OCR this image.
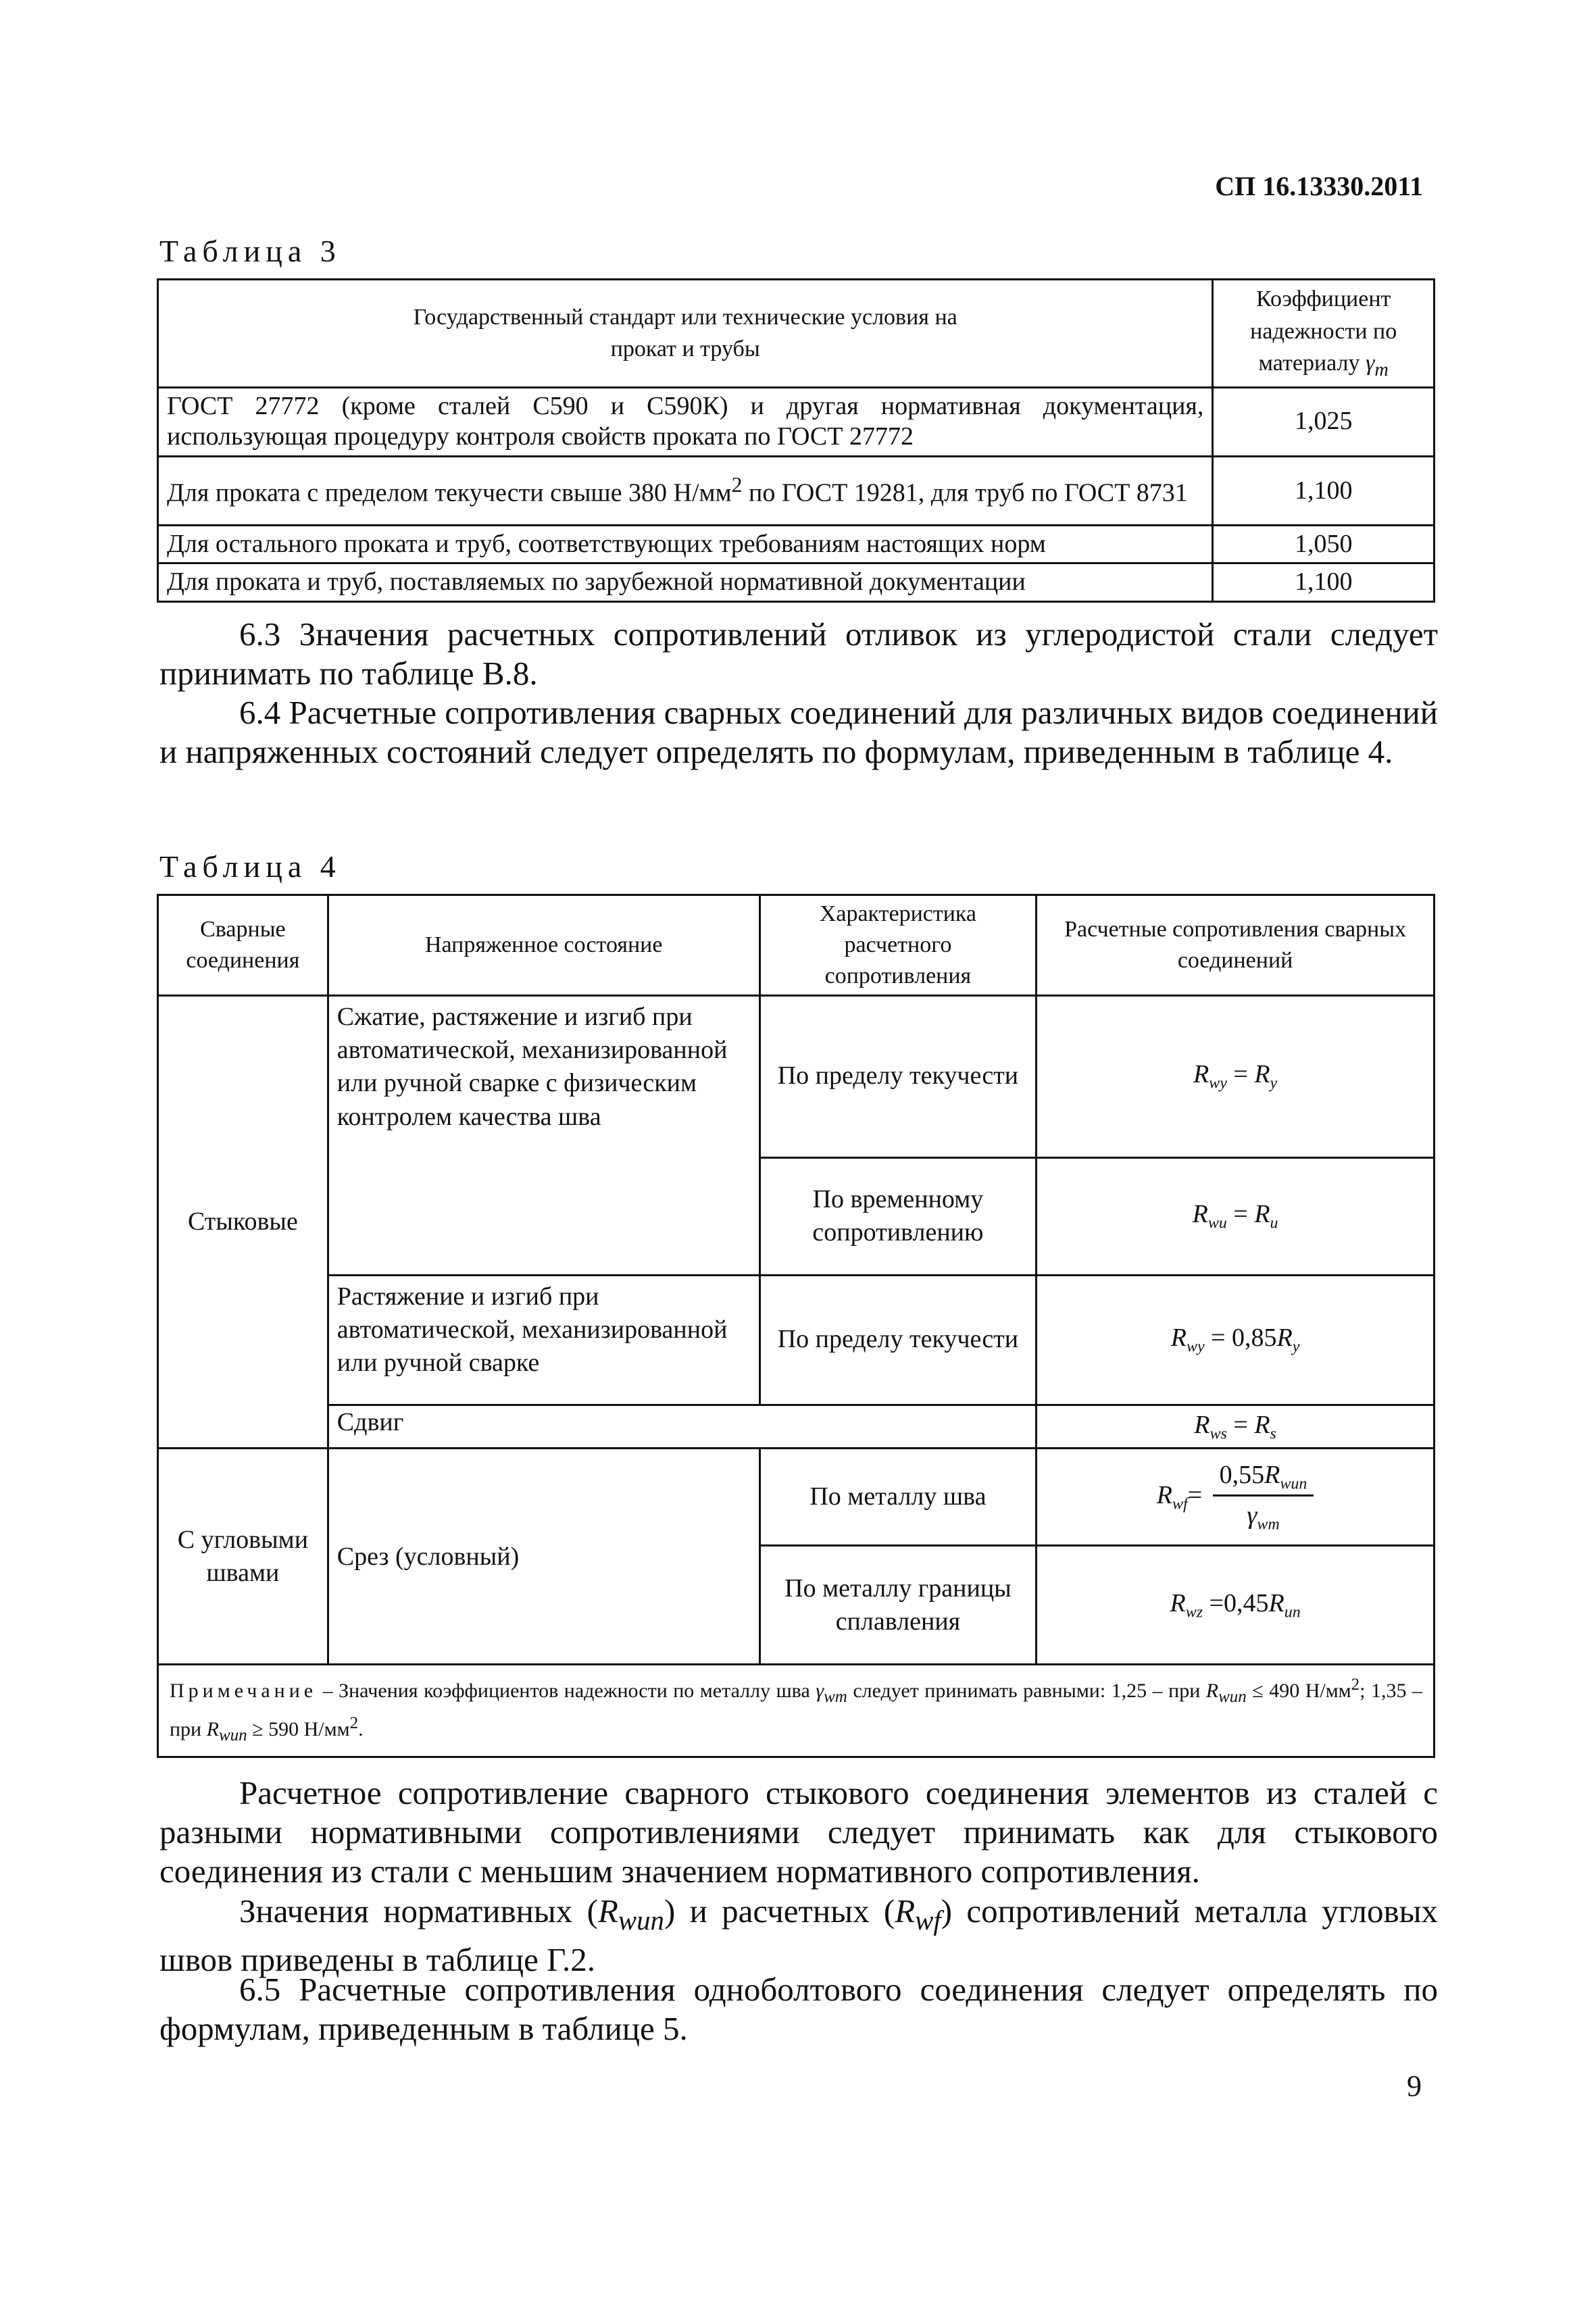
СП 16.13330.2011
Таблица 3
Государственный стандарт или технические условия на прокат и трубы	Коэффициент
надежности по
материалу $\gamma_m$

ГОСТ 27772 (кроме сталей С590 и С590К) и другая нормативная документация, использующая процедуру контроля свойств проката по ГОСТ 27772	1,025
Для проката с пределом текучести свыше 380 $Н/мм^2$ по ГОСТ 19281, для труб по ГОСТ 8731	1,100
Для остального проката и труб, соответствующих требованиям настоящих норм	1,050
Для проката и труб, поставляемых по зарубежной нормативной документации	1,100
6.3 Значения расчетных сопротивлений отливок из углеродистой стали следует принимать по таблице В.8.
6.4 Расчетные сопротивления сварных соединений для различных видов соединений и напряженных состояний следует определять по формулам, приведенным в таблице 4.
Таблица 4
Сварные соединения	Напряженное состояние	Характеристика расчетного сопротивления	Расчетные сопротивления сварных соединений
Стыковые	Сжатие, растяжение и изгиб при автоматической, механизированной или ручной сварке с физическим контролем качества шва	По пределу текучести	$R_{wy} = R_y$
		По временному сопротивлению	$R_{wu} = R_u$
	Растяжение и изгиб при автоматической, механизированной или ручной сварке	По пределу текучести	$R_{wy} = 0,85R_y$
	Сдвиг		$R_{ws} = R_s$
С угловыми швами	Срез (условный)	По металлу шва	$R_{wf}= \frac{0,55R_{wun}}{\gamma_{wm}}$

		По металлу границы сплавления	$R_{wz} =0,45R_{un}$
Примечание – Значения коэффициентов надежности по металлу шва $\gamma_{wm}$ следует принимать равными: 1,25 – при $R_{wun} \le 490$ $Н/мм^2$; 1,35 – при $R_{wun} \ge 590$ $Н/мм^2$.			
Расчетное сопротивление сварного стыкового соединения элементов из сталей с разными нормативными сопротивлениями следует принимать как для стыкового соединения из стали с меньшим значением нормативного сопротивления.
Значения нормативных $(R_{wun})$ и расчетных $(R_{wf})$ сопротивлений металла угловых швов приведены в таблице Г.2.
6.5 Расчетные сопротивления одноболтового соединения следует определять по формулам, приведенным в таблице 5.
9
